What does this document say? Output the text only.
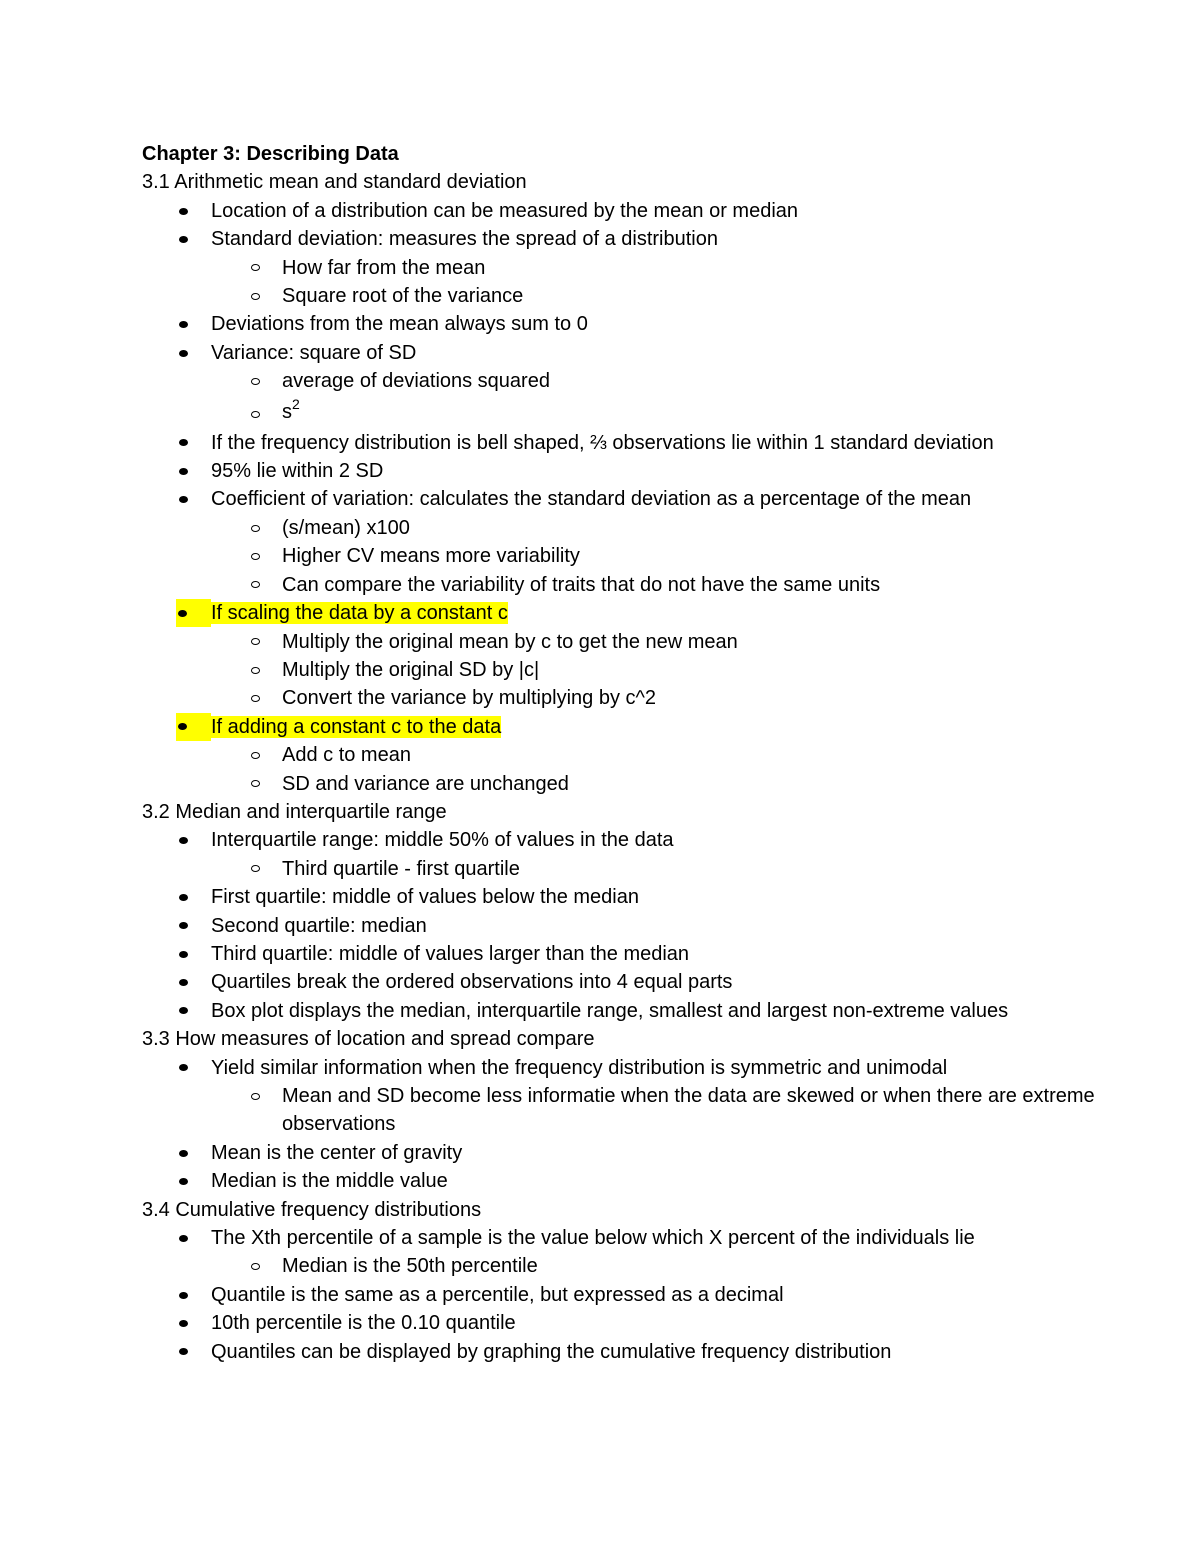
Chapter 3: Describing Data
3.1 Arithmetic mean and standard deviation
Location of a distribution can be measured by the mean or median
Standard deviation: measures the spread of a distribution
How far from the mean
Square root of the variance
Deviations from the mean always sum to 0
Variance: square of SD
average of deviations squared
$s^2$
If the frequency distribution is bell shaped, ⅔ observations lie within 1 standard deviation
95% lie within 2 SD
Coefficient of variation: calculates the standard deviation as a percentage of the mean
(s/mean) x100
Higher CV means more variability
Can compare the variability of traits that do not have the same units
If scaling the data by a constant c
Multiply the original mean by c to get the new mean
Multiply the original SD by |c|
Convert the variance by multiplying by c^2
If adding a constant c to the data
Add c to mean
SD and variance are unchanged
3.2 Median and interquartile range
Interquartile range: middle 50% of values in the data
Third quartile - first quartile
First quartile: middle of values below the median
Second quartile: median
Third quartile: middle of values larger than the median
Quartiles break the ordered observations into 4 equal parts
Box plot displays the median, interquartile range, smallest and largest non-extreme values
3.3 How measures of location and spread compare
Yield similar information when the frequency distribution is symmetric and unimodal
Mean and SD become less informatie when the data are skewed or when there are extreme observations
Mean is the center of gravity
Median is the middle value
3.4 Cumulative frequency distributions
The Xth percentile of a sample is the value below which X percent of the individuals lie
Median is the 50th percentile
Quantile is the same as a percentile, but expressed as a decimal
10th percentile is the 0.10 quantile
Quantiles can be displayed by graphing the cumulative frequency distribution
